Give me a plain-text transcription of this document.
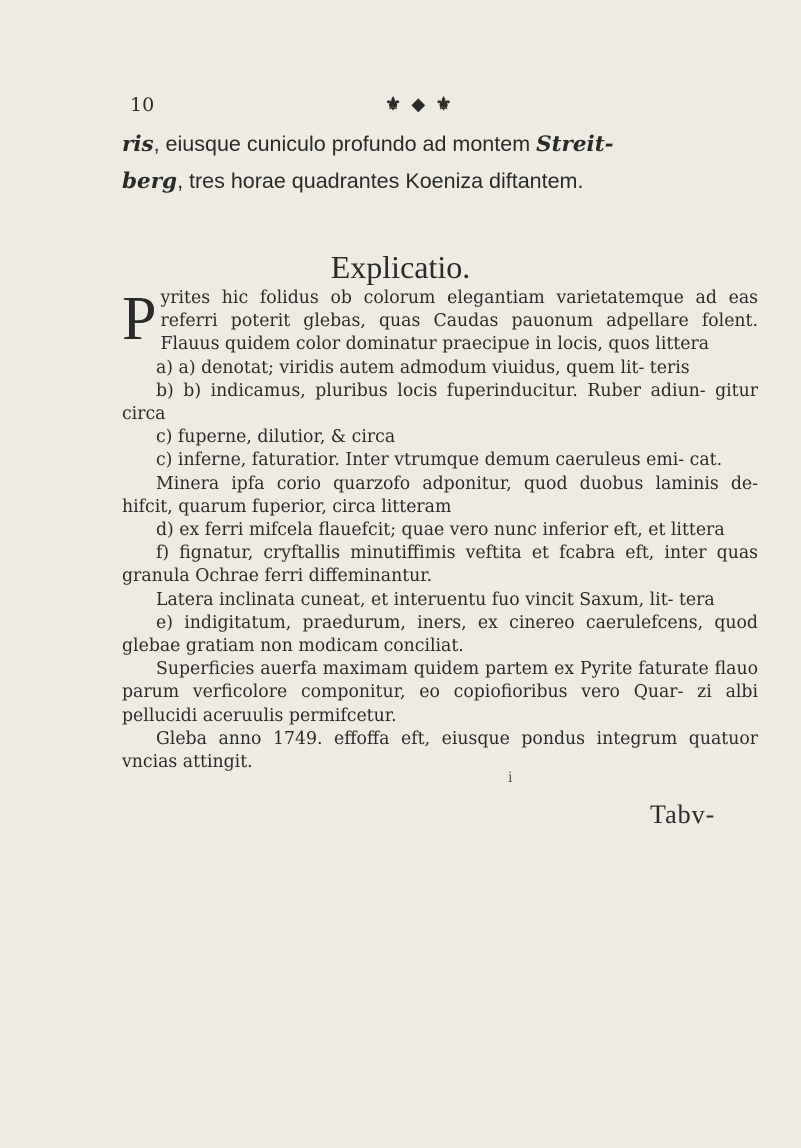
10	⚜ ◆ ⚜
ris, eiusque cuniculo profundo ad montem Streit-
berg, tres horae quadrantes Koeniza diftantem.
Explicatio.

Pyrites hic folidus ob colorum elegantiam varietatemque ad eas referri poterit glebas, quas Caudas pauonum adpellare folent. Flauus quidem color dominatur praecipue in locis, quos littera

a) a) denotat; viridis autem admodum viuidus, quem lit- teris

b) b) indicamus, pluribus locis fuperinducitur. Ruber adiun- gitur circa

c) fuperne, dilutior, & circa

c) inferne, faturatior. Inter vtrumque demum caeruleus emi- cat.

Minera ipfa corio quarzofo adponitur, quod duobus laminis de- hifcit, quarum fuperior, circa litteram

d) ex ferri mifcela flauefcit; quae vero nunc inferior eft, et littera

f) fignatur, cryftallis minutiffimis veftita et fcabra eft, inter quas granula Ochrae ferri diffeminantur.

Latera inclinata cuneat, et interuentu fuo vincit Saxum, lit- tera

e) indigitatum, praedurum, iners, ex cinereo caerulefcens, quod glebae gratiam non modicam conciliat.

Superficies auerfa maximam quidem partem ex Pyrite faturate flauo parum verficolore componitur, eo copiofioribus vero Quar- zi albi pellucidi aceruulis permifcetur.

Gleba anno 1749. effoffa eft, eiusque pondus integrum quatuor vncias attingit.

i
Tabv-
